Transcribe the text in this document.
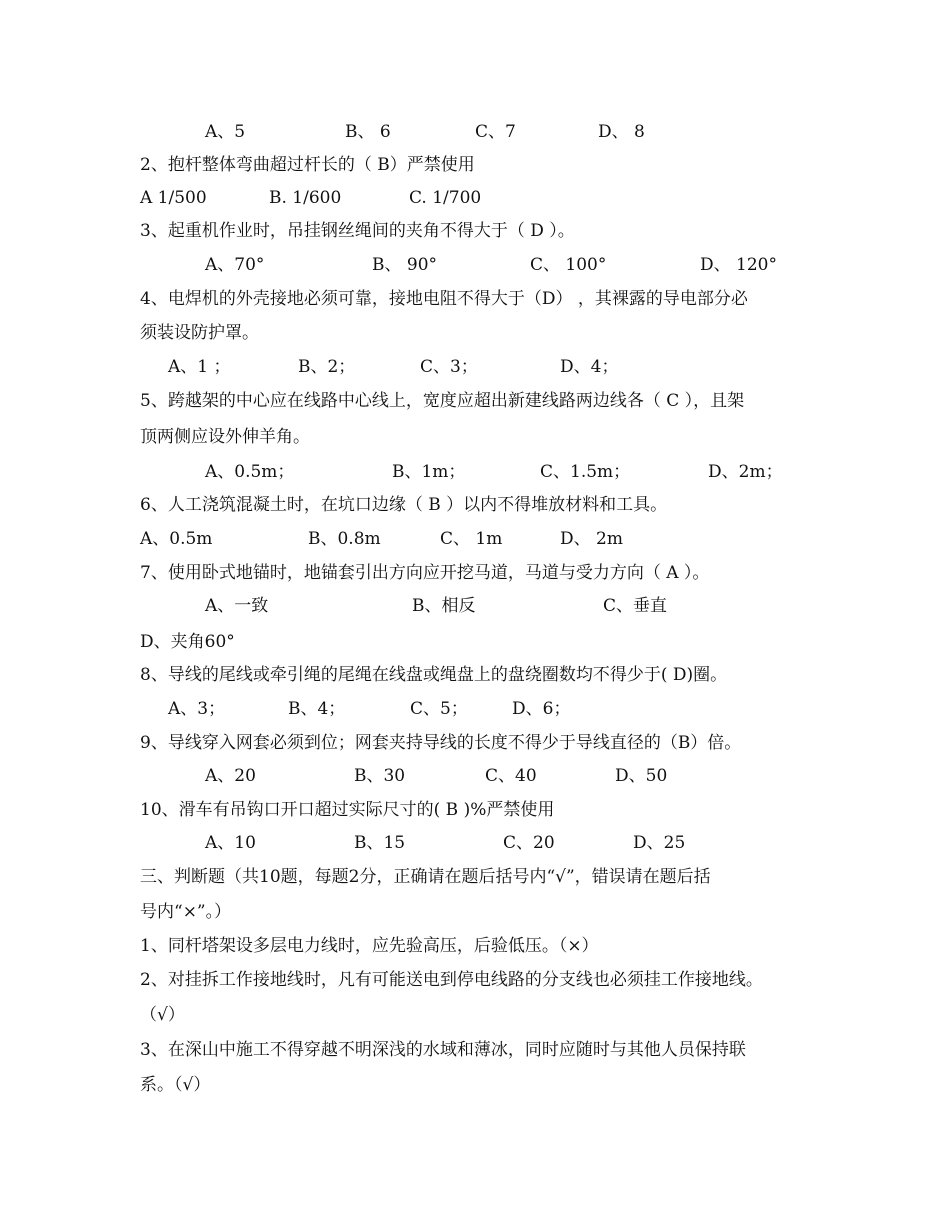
A、5	B、 6	C、7	D、 8
2、抱杆整体弯曲超过杆长的（ B）严禁使用
A 1/500	B. 1/600	C. 1/700
3、起重机作业时，吊挂钢丝绳间的夹角不得大于（ D ）。
A、70°	B、 90°	C、 100°	D、 120°
4、电焊机的外壳接地必须可靠，接地电阻不得大于（D） ，其裸露的导电部分必
须装设防护罩。
A、1 ；	B、2；	C、3；	D、4；
5、跨越架的中心应在线路中心线上，宽度应超出新建线路两边线各（ C ），且架
顶两侧应设外伸羊角。
A、0.5m；	B、1m；	C、1.5m；	D、2m；
6、人工浇筑混凝土时，在坑口边缘（ B ）以内不得堆放材料和工具。
A、0.5m	B、0.8m	C、 1m	D、 2m
7、使用卧式地锚时，地锚套引出方向应开挖马道，马道与受力方向（ A ）。
A、一致	B、相反	C、垂直
D、夹角60°
8、导线的尾线或牵引绳的尾绳在线盘或绳盘上的盘绕圈数均不得少于( D)圈。
A、3；	B、4；	C、5；	D、6；
9、导线穿入网套必须到位；网套夹持导线的长度不得少于导线直径的（B）倍。
A、20	B、30	C、40	D、50
10、滑车有吊钩口开口超过实际尺寸的( B )%严禁使用
A、10	B、15	C、20	D、25
三、判断题（共10题，每题2分，正确请在题后括号内“√”，错误请在题后括
号内“×”。）
1、同杆塔架设多层电力线时，应先验高压，后验低压。（×）
2、对挂拆工作接地线时，凡有可能送电到停电线路的分支线也必须挂工作接地线。
（√）
3、在深山中施工不得穿越不明深浅的水域和薄冰，同时应随时与其他人员保持联
系。（√）
